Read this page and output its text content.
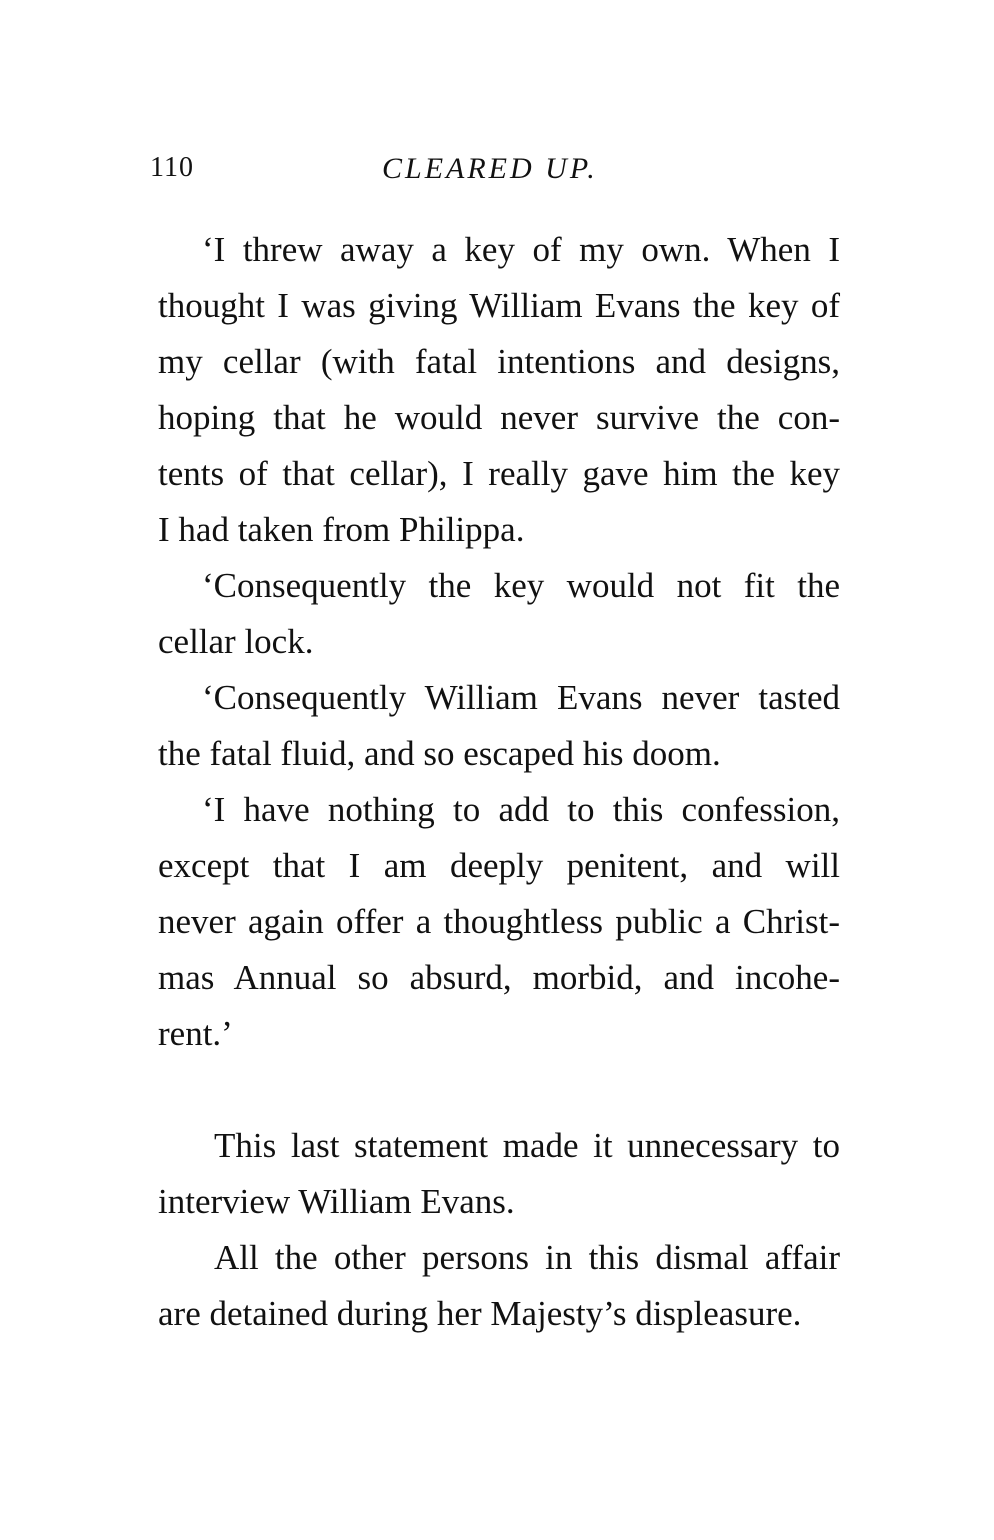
110	CLEARED UP.
‘I threw away a key of my own. When I
thought I was giving William Evans the key of
my cellar (with fatal intentions and designs,
hoping that he would never survive the con-
tents of that cellar), I really gave him the key
I had taken from Philippa.
‘Consequently the key would not fit the
cellar lock.
‘Consequently William Evans never tasted
the fatal fluid, and so escaped his doom.
‘I have nothing to add to this confession,
except that I am deeply penitent, and will
never again offer a thoughtless public a Christ-
mas Annual so absurd, morbid, and incohe-
rent.’
This last statement made it unnecessary to
interview William Evans.
All the other persons in this dismal affair
are detained during her Majesty’s displeasure.
